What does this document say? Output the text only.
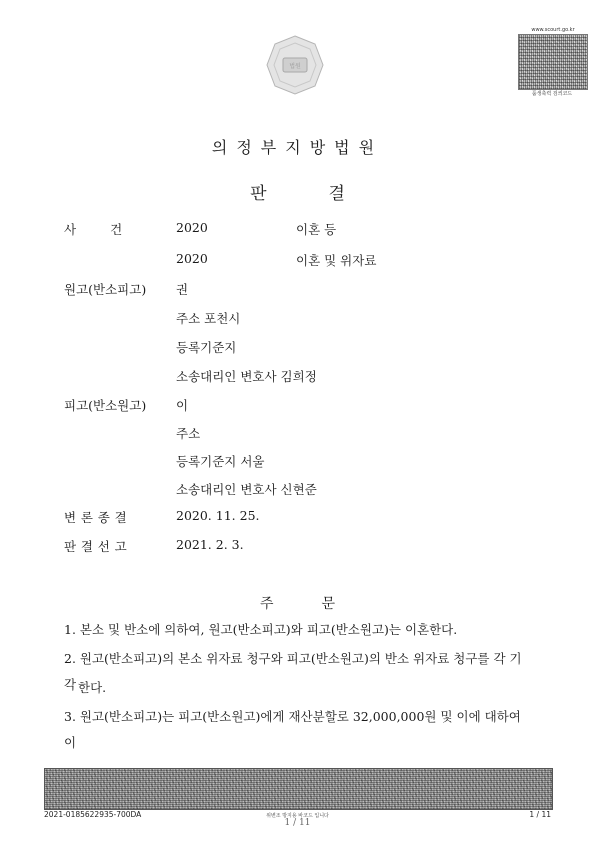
법원
www.scourt.go.kr
품생축력 검씌코드
의정부지방법원
판	결
사건 2020	이혼 등
2020	이혼 및 위자료
원고(반소피고) 권
주소 포천시
등록기준지
소송대리인 변호사 김희정
피고(반소원고) 이
주소
등록기준지 서울
소송대리인 변호사 신현준
변론종결	2020. 11. 25.
판결선고	2021. 2. 3.
주	문
1. 본소 및 반소에 의하여, 원고(반소피고)와 피고(반소원고)는 이혼한다.
2. 원고(반소피고)의 본소 위자료 청구와 피고(반소원고)의 반소 위자료 청구를 각 기각 한다.
3. 원고(반소피고)는 피고(반소원고)에게 재산분할로 32,000,000원 및 이에 대하여 이
2021-0185622935-700DA	위변조 방지용 바코드 입니다
1 / 11
1 / 11
